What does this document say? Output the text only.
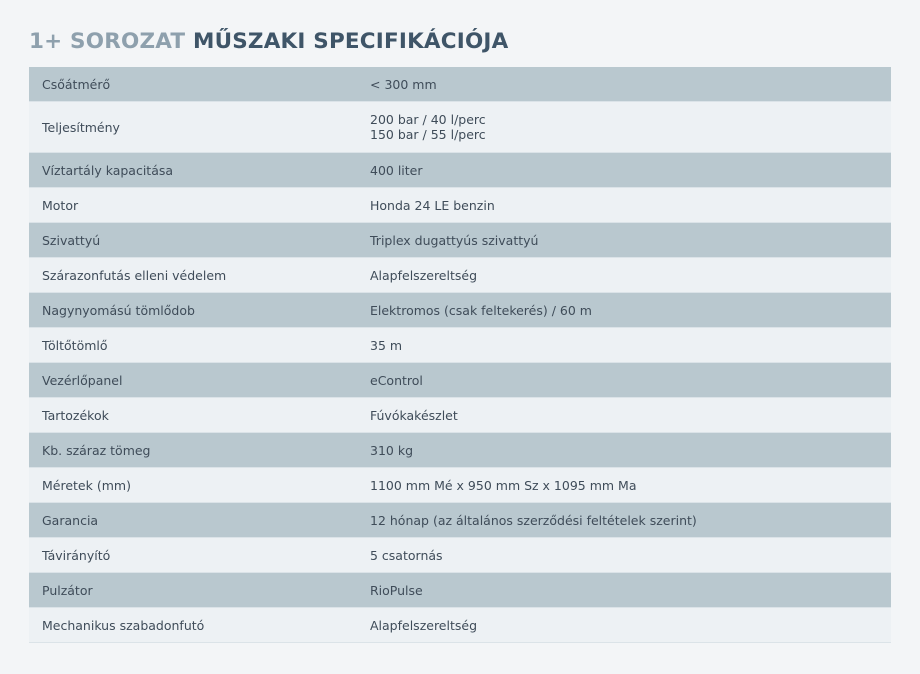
1+ SOROZAT MŰSZAKI SPECIFIKÁCIÓJA
Csőátmérő	< 300 mm

Teljesítmény	200 bar / 40 l/perc
150 bar / 55 l/perc

Víztartály kapacitása	400 liter

Motor	Honda 24 LE benzin

Szivattyú	Triplex dugattyús szivattyú

Szárazonfutás elleni védelem	Alapfelszereltség

Nagynyomású tömlődob	Elektromos (csak feltekerés) / 60 m

Töltőtömlő	35 m

Vezérlőpanel	eControl

Tartozékok	Fúvókakészlet

Kb. száraz tömeg	310 kg

Méretek (mm)	1100 mm Mé x 950 mm Sz x 1095 mm Ma

Garancia	12 hónap (az általános szerződési feltételek szerint)

Távirányító	5 csatornás

Pulzátor	RioPulse

Mechanikus szabadonfutó	Alapfelszereltség
